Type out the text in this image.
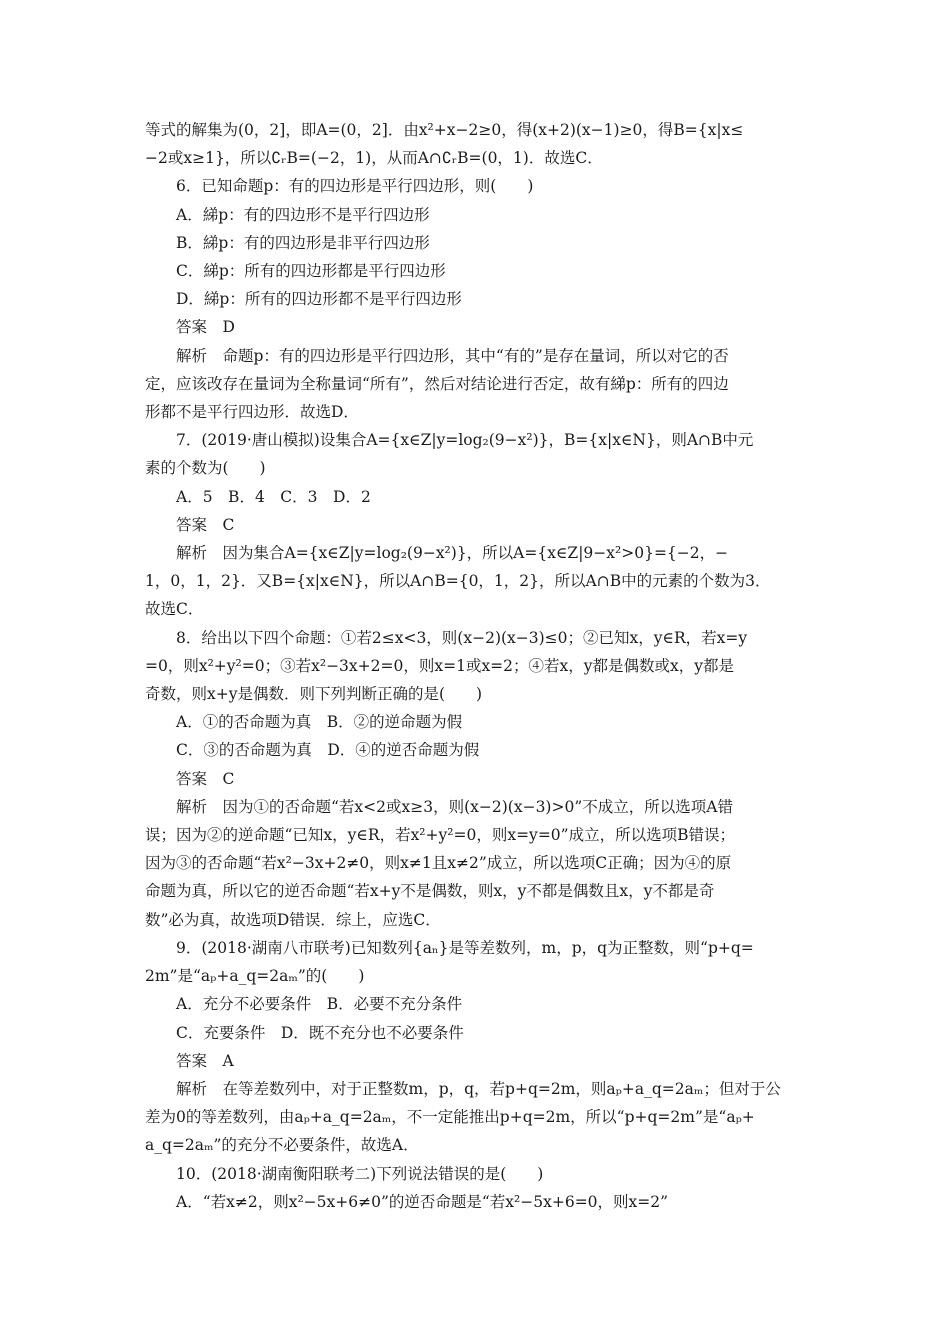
等式的解集为(0，2]，即A=(0，2]．由x²+x−2≥0，得(x+2)(x−1)≥0，得B={x|x≤
−2或x≥1}，所以∁ᵣB=(−2，1)，从而A∩∁ᵣB=(0，1)．故选C．
6．已知命题p：有的四边形是平行四边形，则(　　)
A．綈p：有的四边形不是平行四边形
B．綈p：有的四边形是非平行四边形
C．綈p：所有的四边形都是平行四边形
D．綈p：所有的四边形都不是平行四边形
答案　D
解析　命题p：有的四边形是平行四边形，其中“有的”是存在量词，所以对它的否
定，应该改存在量词为全称量词“所有”，然后对结论进行否定，故有綈p：所有的四边
形都不是平行四边形．故选D．
7．(2019·唐山模拟)设集合A={x∈Z|y=log₂(9−x²)}，B={x|x∈N}，则A∩B中元
素的个数为(　　)
A．5　B．4　C．3　D．2
答案　C
解析　因为集合A={x∈Z|y=log₂(9−x²)}，所以A={x∈Z|9−x²>0}={−2，−
1，0，1，2}．又B={x|x∈N}，所以A∩B={0，1，2}，所以A∩B中的元素的个数为3．
故选C．
8．给出以下四个命题：①若2≤x<3，则(x−2)(x−3)≤0；②已知x，y∈R，若x=y
=0，则x²+y²=0；③若x²−3x+2=0，则x=1或x=2；④若x，y都是偶数或x，y都是
奇数，则x+y是偶数．则下列判断正确的是(　　)
A．①的否命题为真　B．②的逆命题为假
C．③的否命题为真　D．④的逆否命题为假
答案　C
解析　因为①的否命题“若x<2或x≥3，则(x−2)(x−3)>0”不成立，所以选项A错
误；因为②的逆命题“已知x，y∈R，若x²+y²=0，则x=y=0”成立，所以选项B错误；
因为③的否命题“若x²−3x+2≠0，则x≠1且x≠2”成立，所以选项C正确；因为④的原
命题为真，所以它的逆否命题“若x+y不是偶数，则x，y不都是偶数且x，y不都是奇
数”必为真，故选项D错误．综上，应选C．
9．(2018·湖南八市联考)已知数列{aₙ}是等差数列，m，p，q为正整数，则“p+q=
2m”是“aₚ+a_q=2aₘ”的(　　)
A．充分不必要条件　B．必要不充分条件
C．充要条件　D．既不充分也不必要条件
答案　A
解析　在等差数列中，对于正整数m，p，q，若p+q=2m，则aₚ+a_q=2aₘ；但对于公
差为0的等差数列，由aₚ+a_q=2aₘ，不一定能推出p+q=2m，所以“p+q=2m”是“aₚ+
a_q=2aₘ”的充分不必要条件，故选A．
10．(2018·湖南衡阳联考二)下列说法错误的是(　　)
A．“若x≠2，则x²−5x+6≠0”的逆否命题是“若x²−5x+6=0，则x=2”
